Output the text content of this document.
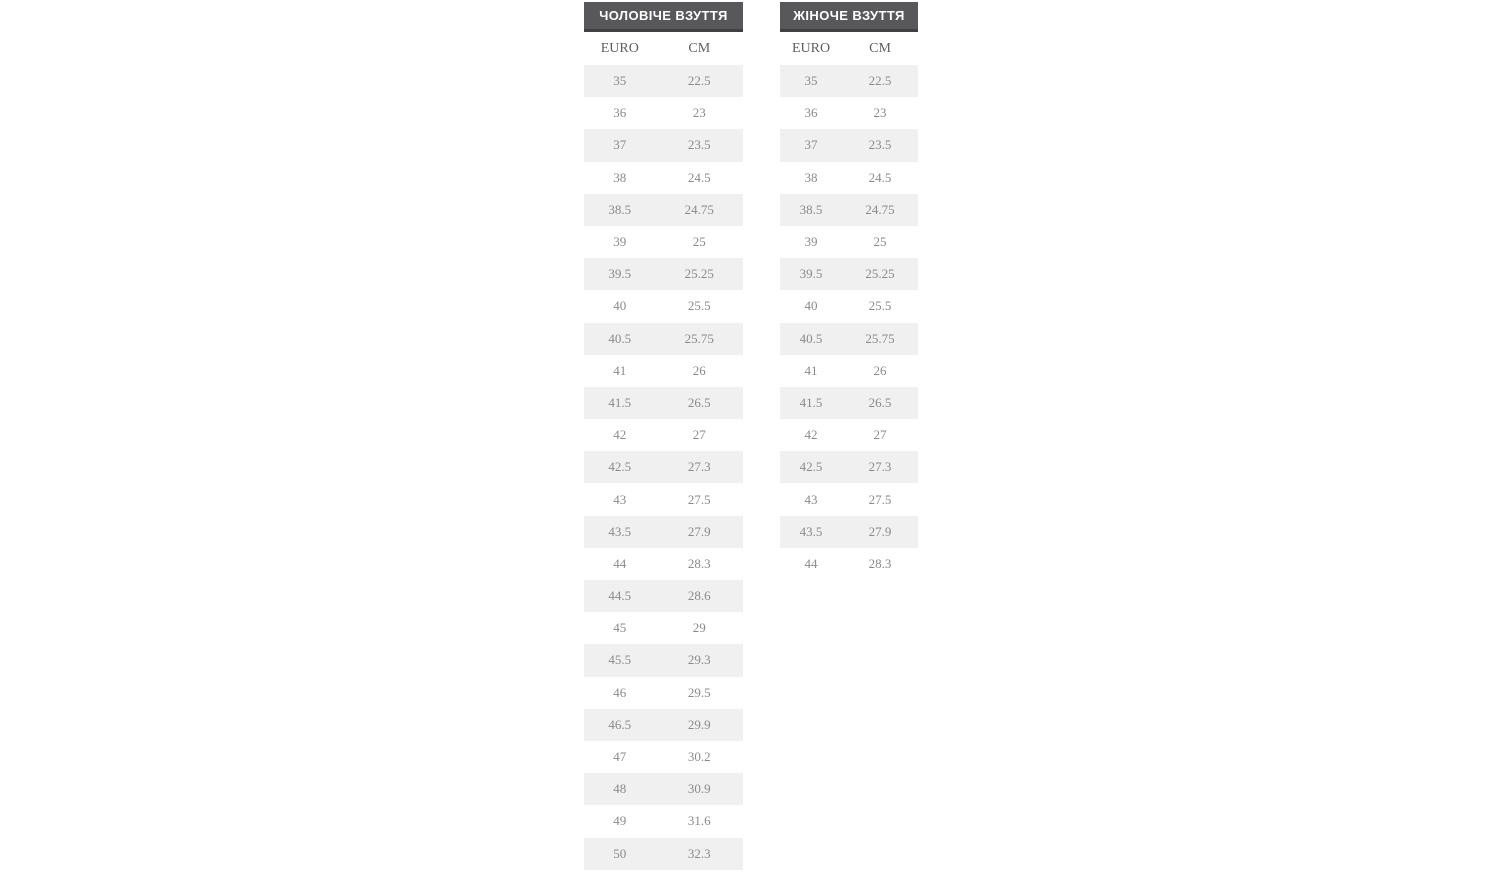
ЧОЛОВІЧЕ ВЗУТТЯ
EURO	CM
35	22.5
36	23
37	23.5
38	24.5
38.5	24.75
39	25
39.5	25.25
40	25.5
40.5	25.75
41	26
41.5	26.5
42	27
42.5	27.3
43	27.5
43.5	27.9
44	28.3
44.5	28.6
45	29
45.5	29.3
46	29.5
46.5	29.9
47	30.2
48	30.9
49	31.6
50	32.3
ЖІНОЧЕ ВЗУТТЯ
EURO	CM
35	22.5
36	23
37	23.5
38	24.5
38.5	24.75
39	25
39.5	25.25
40	25.5
40.5	25.75
41	26
41.5	26.5
42	27
42.5	27.3
43	27.5
43.5	27.9
44	28.3
